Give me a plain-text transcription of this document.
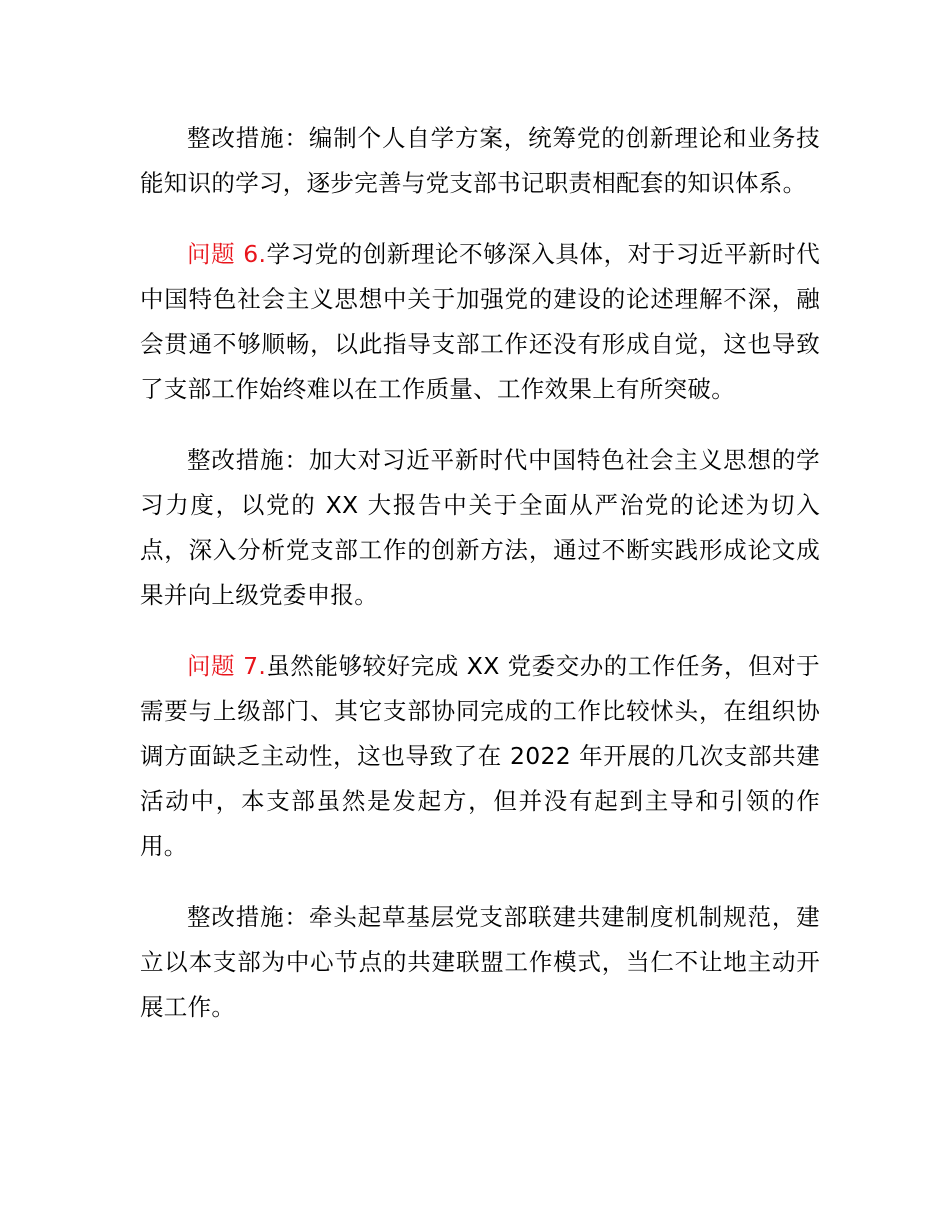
整改措施：编制个人自学方案，统筹党的创新理论和业务技能知识的学习，逐步完善与党支部书记职责相配套的知识体系。

问题 6.学习党的创新理论不够深入具体，对于习近平新时代中国特色社会主义思想中关于加强党的建设的论述理解不深，融会贯通不够顺畅，以此指导支部工作还没有形成自觉，这也导致了支部工作始终难以在工作质量、工作效果上有所突破。

整改措施：加大对习近平新时代中国特色社会主义思想的学习力度，以党的 XX 大报告中关于全面从严治党的论述为切入点，深入分析党支部工作的创新方法，通过不断实践形成论文成果并向上级党委申报。

问题 7.虽然能够较好完成 XX 党委交办的工作任务，但对于需要与上级部门、其它支部协同完成的工作比较怵头，在组织协调方面缺乏主动性，这也导致了在 2022 年开展的几次支部共建活动中，本支部虽然是发起方，但并没有起到主导和引领的作用。

整改措施：牵头起草基层党支部联建共建制度机制规范，建立以本支部为中心节点的共建联盟工作模式，当仁不让地主动开展工作。
